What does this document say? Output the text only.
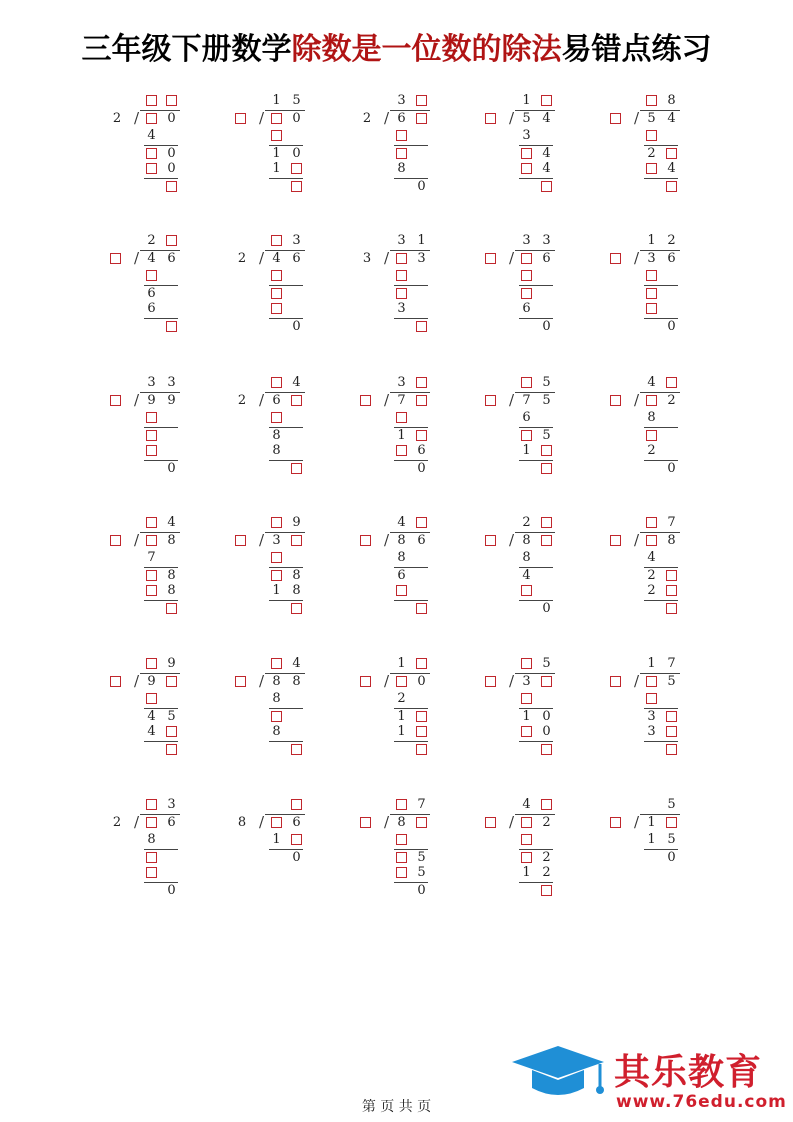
三年级下册数学除数是一位数的除法易错点练习
2 / 0
4
0
0
1 5
/ 0
1 0
1
3
2 / 6
8
0
1
/ 5 4
3
4
4
8
/ 5 4
2
4
2
/ 4 6
6
6
3
2 / 4 6
0
3 1
3 / 3
3
3 3
/ 6
6
0
1 2
/ 3 6
0
3 3
/ 9 9
0
4
2 / 6
8
8
3
/ 7
1
6
0
5
/ 7 5
6
5
1
4
/ 2
8
2
0
4
/ 8
7
8
8
9
/ 3
8
1 8
4
/ 8 6
8
6
2
/ 8
8
4
0
7
/ 8
4
2
2
9
/ 9
4 5
4
4
/ 8 8
8
8
1
/ 0
2
1
1
5
/ 3
1 0
0
1 7
/ 5
3
3
3
2 / 6
8
0
8 / 6
1
0
7
/ 8
5
5
0
4
/ 2
2
1 2
5
/ 1
1 5
0
其乐教育
www.76edu.com
第 页 共 页
